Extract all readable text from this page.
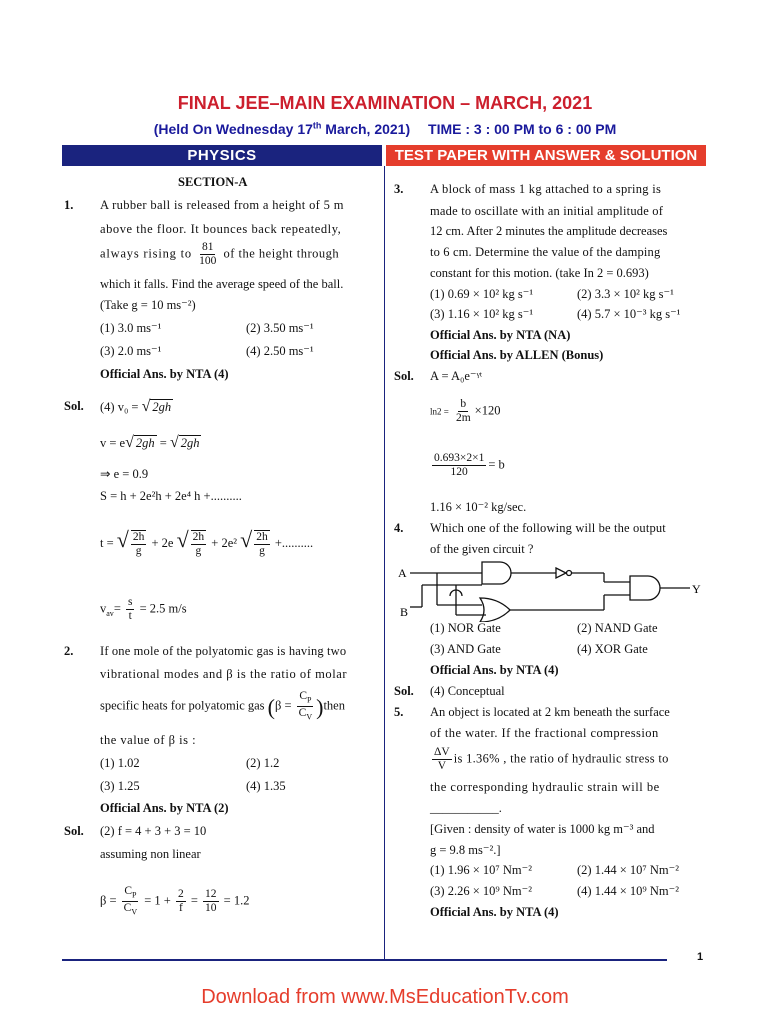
FINAL JEE–MAIN EXAMINATION – MARCH, 2021
(Held On Wednesday 17th March, 2021) TIME : 3 : 00 PM to 6 : 00 PM
PHYSICS	TEST PAPER WITH ANSWER & SOLUTION
SECTION-A
1. A rubber ball is released from a height of 5 m
above the floor. It bounces back repeatedly,
always rising to $\frac{81}{100}$ of the height through
which it falls. Find the average speed of the ball.
(Take g = 10 ms⁻²)
(1) 3.0 ms⁻¹	(2) 3.50 ms⁻¹
(3) 2.0 ms⁻¹	(4) 2.50 ms⁻¹
Official Ans. by NTA (4)
Sol. (4) v₀ = √ 2gh
v = e√ 2gh = √ 2gh
⇒ e = 0.9
S = h + 2e²h + 2e⁴ h +..........
t = √ $\frac{2h}{g} + 2e$ √ $\frac{2h}{g} + 2e^2$ √ $\frac{2h}{g}$ +..........
$v_{av}= \frac{s}{t} = 2.5$ m/s
2. If one mole of the polyatomic gas is having two
vibrational modes and β is the ratio of molar
specific heats for polyatomic gas ($\beta = \frac{C_P}{C_V}$ )then
the value of β is :
(1) 1.02	(2) 1.2
(3) 1.25	(4) 1.35
Official Ans. by NTA (2)
Sol. (2) f = 4 + 3 + 3 = 10
assuming non linear
$\beta = \frac{C_P}{C_V} = 1 + \frac{2}{f} = \frac{12}{10} = 1.2$
3. A block of mass 1 kg attached to a spring is
made to oscillate with an initial amplitude of
12 cm. After 2 minutes the amplitude decreases
to 6 cm. Determine the value of the damping
constant for this motion. (take In 2 = 0.693)
(1) 0.69 × 10² kg s⁻¹	(2) 3.3 × 10² kg s⁻¹
(3) 1.16 × 10² kg s⁻¹	(4) 5.7 × 10⁻³ kg s⁻¹
Official Ans. by NTA (NA)
Official Ans. by ALLEN (Bonus)
Sol. A = A₀e⁻ᵞᵗ
$\ln 2 = \frac{b}{2m} \times 120$
$\frac{0.693\times 2\times 1}{120} = b$
1.16 × 10⁻² kg/sec.
4. Which one of the following will be the output
of the given circuit ?
A
B
Y
(1) NOR Gate	(2) NAND Gate
(3) AND Gate	(4) XOR Gate
Official Ans. by NTA (4)
Sol. (4) Conceptual
5. An object is located at 2 km beneath the surface
of the water. If the fractional compression
$\frac{\Delta V}{V}$ is 1.36% , the ratio of hydraulic stress to
the corresponding hydraulic strain will be
___________.
[Given : density of water is 1000 kg m⁻³ and
g = 9.8 ms⁻².]
(1) 1.96 × 10⁷ Nm⁻²	(2) 1.44 × 10⁷ Nm⁻²
(3) 2.26 × 10⁹ Nm⁻²	(4) 1.44 × 10⁹ Nm⁻²
Official Ans. by NTA (4)
1
Download from www.MsEducationTv.com
